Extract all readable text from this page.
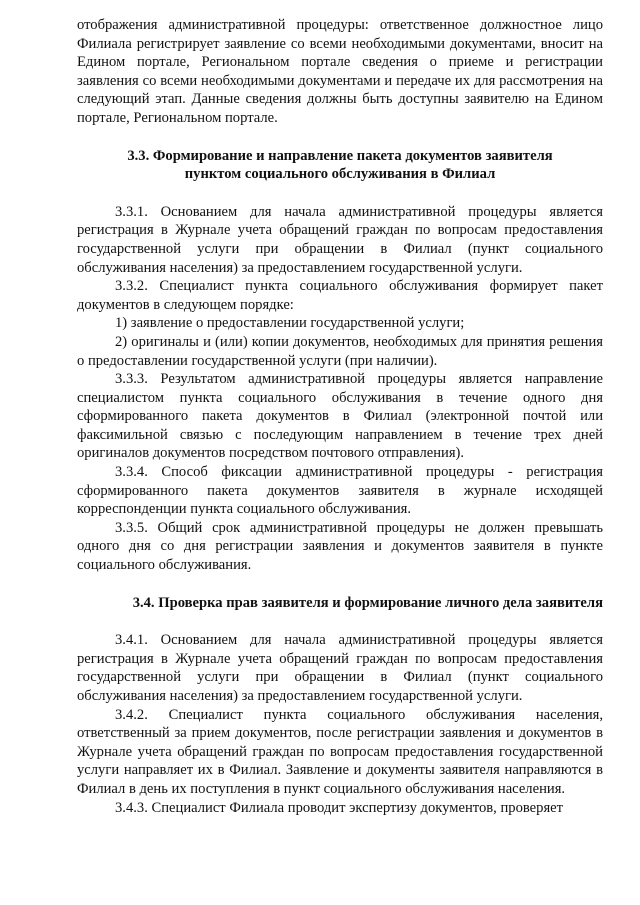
отображения административной процедуры: ответственное должностное лицо Филиала регистрирует заявление со всеми необходимыми документами, вносит на Едином портале, Региональном портале сведения о приеме и регистрации заявления со всеми необходимыми документами и передаче их для рассмотрения на следующий этап. Данные сведения должны быть доступны заявителю на Едином портале, Региональном портале.

3.3. Формирование и направление пакета документов заявителя

пунктом социального обслуживания в Филиал

3.3.1. Основанием для начала административной процедуры является регистрация в Журнале учета обращений граждан по вопросам предоставления государственной услуги при обращении в Филиал (пункт социального обслуживания населения) за предоставлением государственной услуги.

3.3.2. Специалист пункта социального обслуживания формирует пакет документов в следующем порядке:

1) заявление о предоставлении государственной услуги;

2) оригиналы и (или) копии документов, необходимых для принятия решения о предоставлении государственной услуги (при наличии).

3.3.3. Результатом административной процедуры является направление специалистом пункта социального обслуживания в течение одного дня сформированного пакета документов в Филиал (электронной почтой или факсимильной связью с последующим направлением в течение трех дней оригиналов документов посредством почтового отправления).

3.3.4. Способ фиксации административной процедуры - регистрация сформированного пакета документов заявителя в журнале исходящей корреспонденции пункта социального обслуживания.

3.3.5. Общий срок административной процедуры не должен превышать одного дня со дня регистрации заявления и документов заявителя в пункте социального обслуживания.

3.4. Проверка прав заявителя и формирование личного дела заявителя

3.4.1. Основанием для начала административной процедуры является регистрация в Журнале учета обращений граждан по вопросам предоставления государственной услуги при обращении в Филиал (пункт социального обслуживания населения) за предоставлением государственной услуги.

3.4.2. Специалист пункта социального обслуживания населения, ответственный за прием документов, после регистрации заявления и документов в Журнале учета обращений граждан по вопросам предоставления государственной услуги направляет их в Филиал. Заявление и документы заявителя направляются в Филиал в день их поступления в пункт социального обслуживания населения.

3.4.3. Специалист Филиала проводит экспертизу документов, проверяет
